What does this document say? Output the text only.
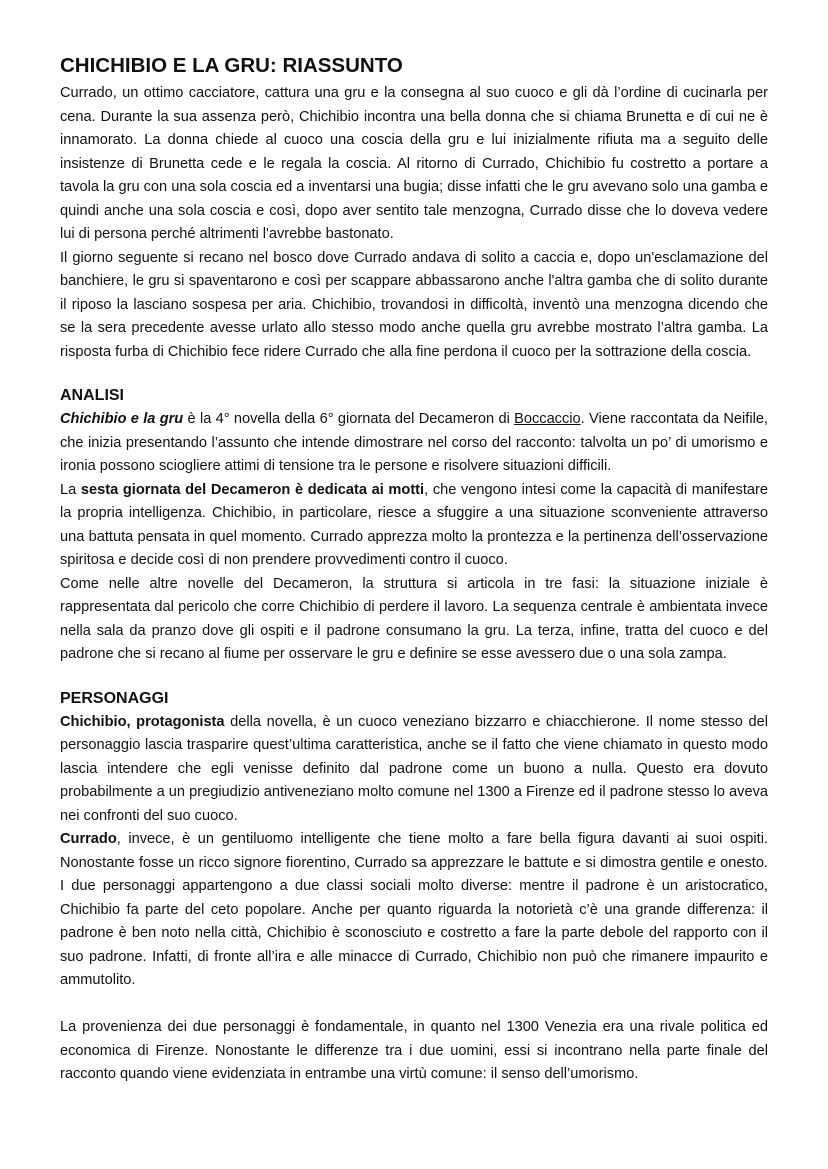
CHICHIBIO E LA GRU: RIASSUNTO

Currado, un ottimo cacciatore, cattura una gru e la consegna al suo cuoco e gli dà l’ordine di cucinarla per cena. Durante la sua assenza però, Chichibio incontra una bella donna che si chiama Brunetta e di cui ne è innamorato. La donna chiede al cuoco una coscia della gru e lui inizialmente rifiuta ma a seguito delle insistenze di Brunetta cede e le regala la coscia. Al ritorno di Currado, Chichibio fu costretto a portare a tavola la gru con una sola coscia ed a inventarsi una bugia; disse infatti che le gru avevano solo una gamba e quindi anche una sola coscia e così, dopo aver sentito tale menzogna, Currado disse che lo doveva vedere lui di persona perché altrimenti l'avrebbe bastonato.

Il giorno seguente si recano nel bosco dove Currado andava di solito a caccia e, dopo un'esclamazione del banchiere, le gru si spaventarono e così per scappare abbassarono anche l'altra gamba che di solito durante il riposo la lasciano sospesa per aria. Chichibio, trovandosi in difficoltà, inventò una menzogna dicendo che se la sera precedente avesse urlato allo stesso modo anche quella gru avrebbe mostrato l’altra gamba. La risposta furba di Chichibio fece ridere Currado che alla fine perdona il cuoco per la sottrazione della coscia.

ANALISI

Chichibio e la gru è la 4° novella della 6° giornata del Decameron di Boccaccio. Viene raccontata da Neifile, che inizia presentando l’assunto che intende dimostrare nel corso del racconto: talvolta un po’ di umorismo e ironia possono sciogliere attimi di tensione tra le persone e risolvere situazioni difficili.

La sesta giornata del Decameron è dedicata ai motti, che vengono intesi come la capacità di manifestare la propria intelligenza. Chichibio, in particolare, riesce a sfuggire a una situazione sconveniente attraverso una battuta pensata in quel momento. Currado apprezza molto la prontezza e la pertinenza dell’osservazione spiritosa e decide così di non prendere provvedimenti contro il cuoco.

Come nelle altre novelle del Decameron, la struttura si articola in tre fasi: la situazione iniziale è rappresentata dal pericolo che corre Chichibio di perdere il lavoro. La sequenza centrale è ambientata invece nella sala da pranzo dove gli ospiti e il padrone consumano la gru. La terza, infine, tratta del cuoco e del padrone che si recano al fiume per osservare le gru e definire se esse avessero due o una sola zampa.

PERSONAGGI

Chichibio, protagonista della novella, è un cuoco veneziano bizzarro e chiacchierone. Il nome stesso del personaggio lascia trasparire quest’ultima caratteristica, anche se il fatto che viene chiamato in questo modo lascia intendere che egli venisse definito dal padrone come un buono a nulla. Questo era dovuto probabilmente a un pregiudizio antiveneziano molto comune nel 1300 a Firenze ed il padrone stesso lo aveva nei confronti del suo cuoco.

Currado, invece, è un gentiluomo intelligente che tiene molto a fare bella figura davanti ai suoi ospiti. Nonostante fosse un ricco signore fiorentino, Currado sa apprezzare le battute e si dimostra gentile e onesto. I due personaggi appartengono a due classi sociali molto diverse: mentre il padrone è un aristocratico, Chichibio fa parte del ceto popolare. Anche per quanto riguarda la notorietà c’è una grande differenza: il padrone è ben noto nella città, Chichibio è sconosciuto e costretto a fare la parte debole del rapporto con il suo padrone. Infatti, di fronte all’ira e alle minacce di Currado, Chichibio non può che rimanere impaurito e ammutolito.

La provenienza dei due personaggi è fondamentale, in quanto nel 1300 Venezia era una rivale politica ed economica di Firenze. Nonostante le differenze tra i due uomini, essi si incontrano nella parte finale del racconto quando viene evidenziata in entrambe una virtù comune: il senso dell’umorismo.
